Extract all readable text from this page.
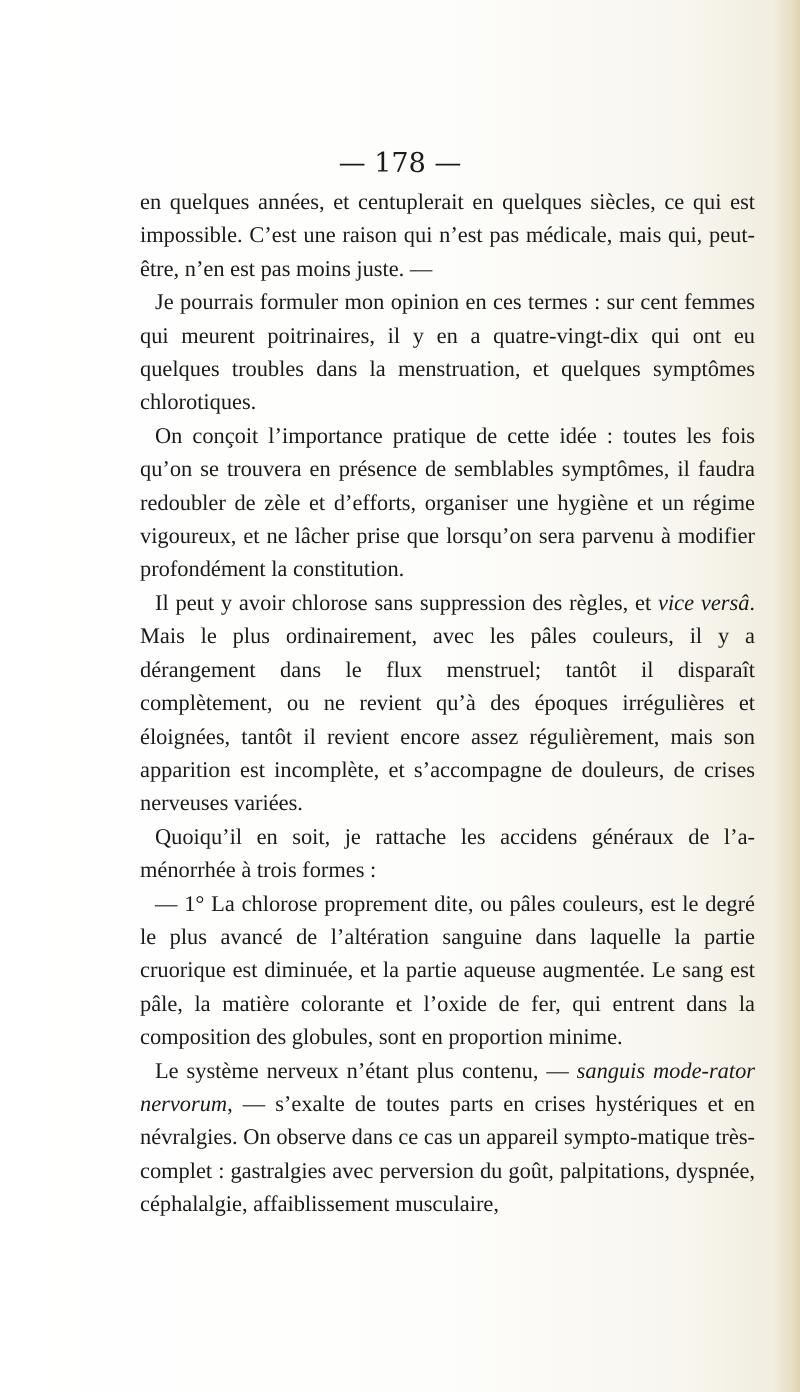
— 178 —

en quelques années, et centuplerait en quelques siècles, ce qui est impossible. C’est une raison qui n’est pas médicale, mais qui, peut-être, n’en est pas moins juste. —

Je pourrais formuler mon opinion en ces termes : sur cent femmes qui meurent poitrinaires, il y en a quatre-vingt-dix qui ont eu quelques troubles dans la menstruation, et quelques symptômes chlorotiques.

On conçoit l’importance pratique de cette idée : toutes les fois qu’on se trouvera en présence de semblables symptômes, il faudra redoubler de zèle et d’efforts, organiser une hygiène et un régime vigoureux, et ne lâcher prise que lorsqu’on sera parvenu à modifier profondément la constitution.

Il peut y avoir chlorose sans suppression des règles, et vice versâ. Mais le plus ordinairement, avec les pâles couleurs, il y a dérangement dans le flux menstruel; tantôt il disparaît complètement, ou ne revient qu’à des époques irrégulières et éloignées, tantôt il revient encore assez régulièrement, mais son apparition est incomplète, et s’accompagne de douleurs, de crises nerveuses variées.

Quoiqu’il en soit, je rattache les accidens généraux de l’a-ménorrhée à trois formes :

— 1° La chlorose proprement dite, ou pâles couleurs, est le degré le plus avancé de l’altération sanguine dans laquelle la partie cruorique est diminuée, et la partie aqueuse augmentée. Le sang est pâle, la matière colorante et l’oxide de fer, qui entrent dans la composition des globules, sont en proportion minime.

Le système nerveux n’étant plus contenu, — sanguis mode-rator nervorum, — s’exalte de toutes parts en crises hystériques et en névralgies. On observe dans ce cas un appareil sympto-matique très-complet : gastralgies avec perversion du goût, palpitations, dyspnée, céphalalgie, affaiblissement musculaire,
